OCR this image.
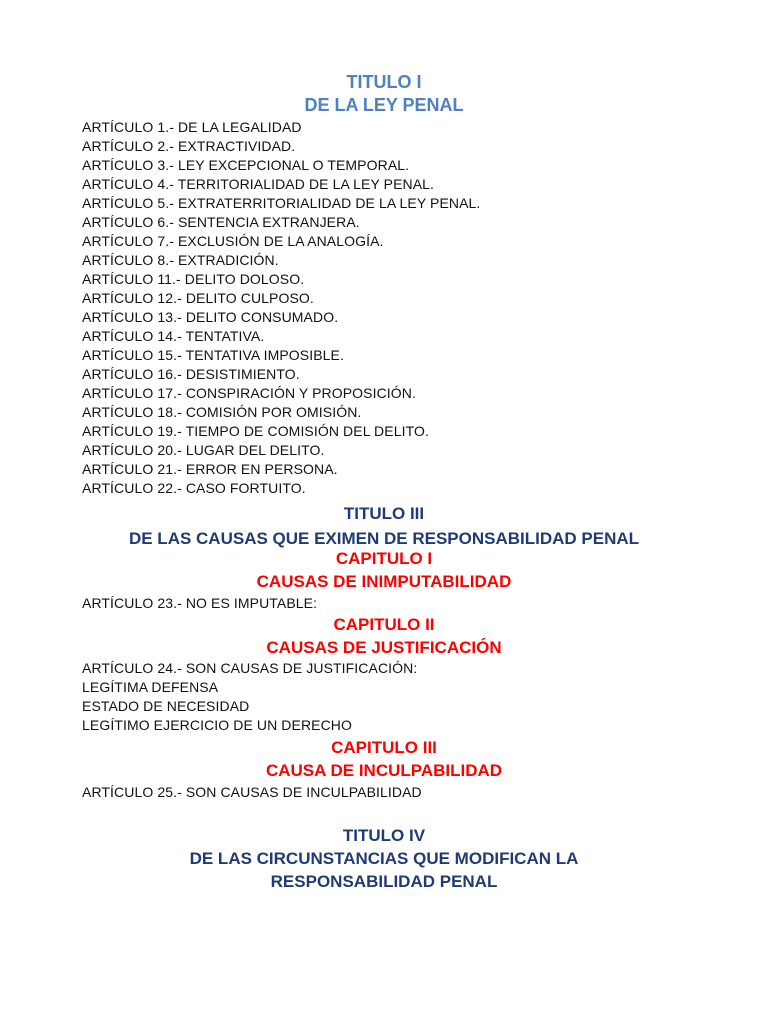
TITULO I
DE LA LEY PENAL
ARTÍCULO 1.- DE LA LEGALIDAD
ARTÍCULO 2.- EXTRACTIVIDAD.
ARTÍCULO 3.- LEY EXCEPCIONAL O TEMPORAL.
ARTÍCULO 4.- TERRITORIALIDAD DE LA LEY PENAL.
ARTÍCULO 5.- EXTRATERRITORIALIDAD DE LA LEY PENAL.
ARTÍCULO 6.- SENTENCIA EXTRANJERA.
ARTÍCULO 7.- EXCLUSIÓN DE LA ANALOGÍA.
ARTÍCULO 8.- EXTRADICIÓN.
ARTÍCULO 11.- DELITO DOLOSO.
ARTÍCULO 12.- DELITO CULPOSO.
ARTÍCULO 13.- DELITO CONSUMADO.
ARTÍCULO 14.- TENTATIVA.
ARTÍCULO 15.- TENTATIVA IMPOSIBLE.
ARTÍCULO 16.- DESISTIMIENTO.
ARTÍCULO 17.- CONSPIRACIÓN Y PROPOSICIÓN.
ARTÍCULO 18.- COMISIÓN POR OMISIÓN.
ARTÍCULO 19.- TIEMPO DE COMISIÓN DEL DELITO.
ARTÍCULO 20.- LUGAR DEL DELITO.
ARTÍCULO 21.- ERROR EN PERSONA.
ARTÍCULO 22.- CASO FORTUITO.
TITULO III
DE LAS CAUSAS QUE EXIMEN DE RESPONSABILIDAD PENAL
CAPITULO I
CAUSAS DE INIMPUTABILIDAD
ARTÍCULO 23.- NO ES IMPUTABLE:
CAPITULO II
CAUSAS DE JUSTIFICACIÓN
ARTÍCULO 24.- SON CAUSAS DE JUSTIFICACIÓN:
LEGÍTIMA DEFENSA
ESTADO DE NECESIDAD
LEGÍTIMO EJERCICIO DE UN DERECHO
CAPITULO III
CAUSA DE INCULPABILIDAD
ARTÍCULO 25.- SON CAUSAS DE INCULPABILIDAD
TITULO IV
DE LAS CIRCUNSTANCIAS QUE MODIFICAN LA
RESPONSABILIDAD PENAL
